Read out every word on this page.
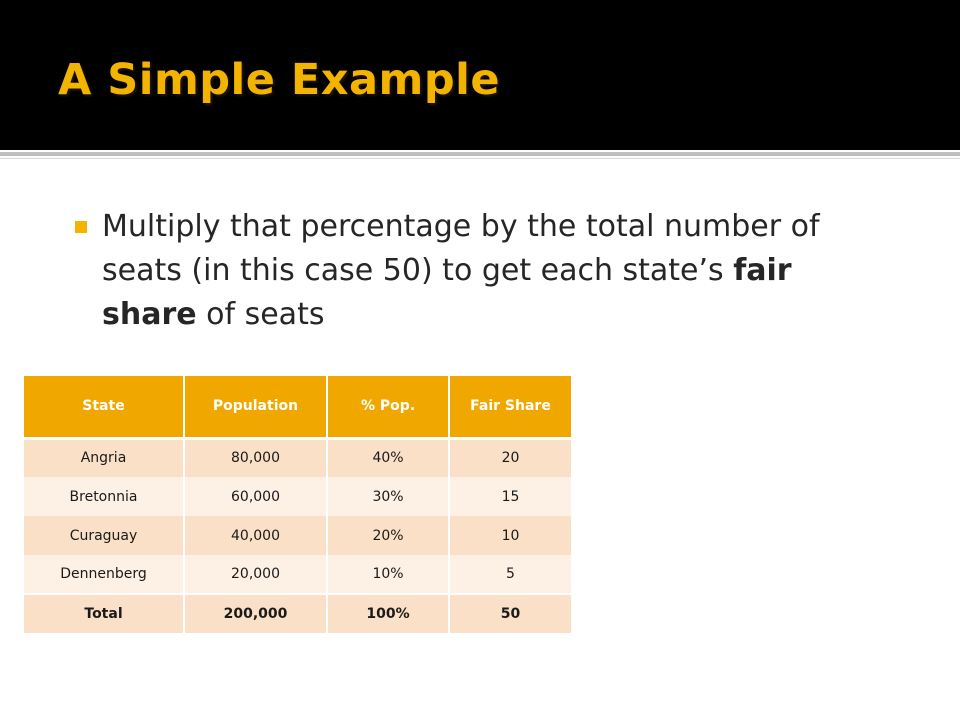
A Simple Example

Multiply that percentage by the total number of seats (in this case 50) to get each state’s fair share of seats

State	Population	% Pop.	Fair Share
Angria	80,000	40%	20
Bretonnia	60,000	30%	15
Curaguay	40,000	20%	10
Dennenberg	20,000	10%	5
Total	200,000	100%	50
